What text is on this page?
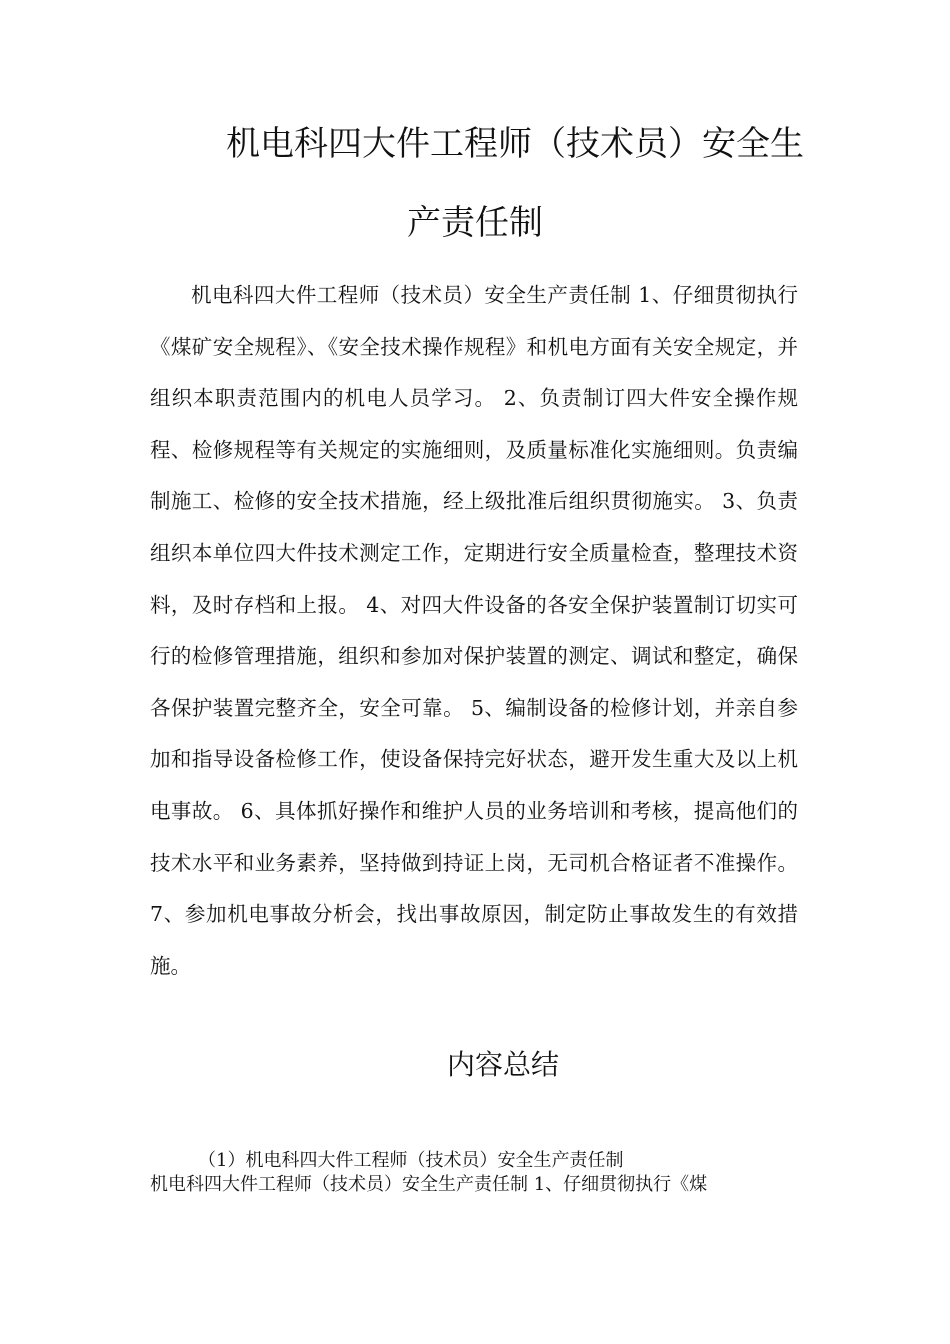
机电科四大件工程师（技术员）安全生
产责任制

机电科四大件工程师（技术员）安全生产责任制 1、仔细贯彻执行《煤矿安全规程》、《安全技术操作规程》和机电方面有关安全规定，并组织本职责范围内的机电人员学习。 2、负责制订四大件安全操作规程、检修规程等有关规定的实施细则，及质量标准化实施细则。负责编制施工、检修的安全技术措施，经上级批准后组织贯彻施实。 3、负责组织本单位四大件技术测定工作，定期进行安全质量检查，整理技术资料，及时存档和上报。 4、对四大件设备的各安全保护装置制订切实可行的检修管理措施，组织和参加对保护装置的测定、调试和整定，确保各保护装置完整齐全，安全可靠。 5、编制设备的检修计划，并亲自参加和指导设备检修工作，使设备保持完好状态，避开发生重大及以上机电事故。 6、具体抓好操作和维护人员的业务培训和考核，提高他们的技术水平和业务素养，坚持做到持证上岗，无司机合格证者不准操作。 7、参加机电事故分析会，找出事故原因，制定防止事故发生的有效措施。

内容总结
（1）机电科四大件工程师（技术员）安全生产责任制
机电科四大件工程师（技术员）安全生产责任制 1、仔细贯彻执行《煤
